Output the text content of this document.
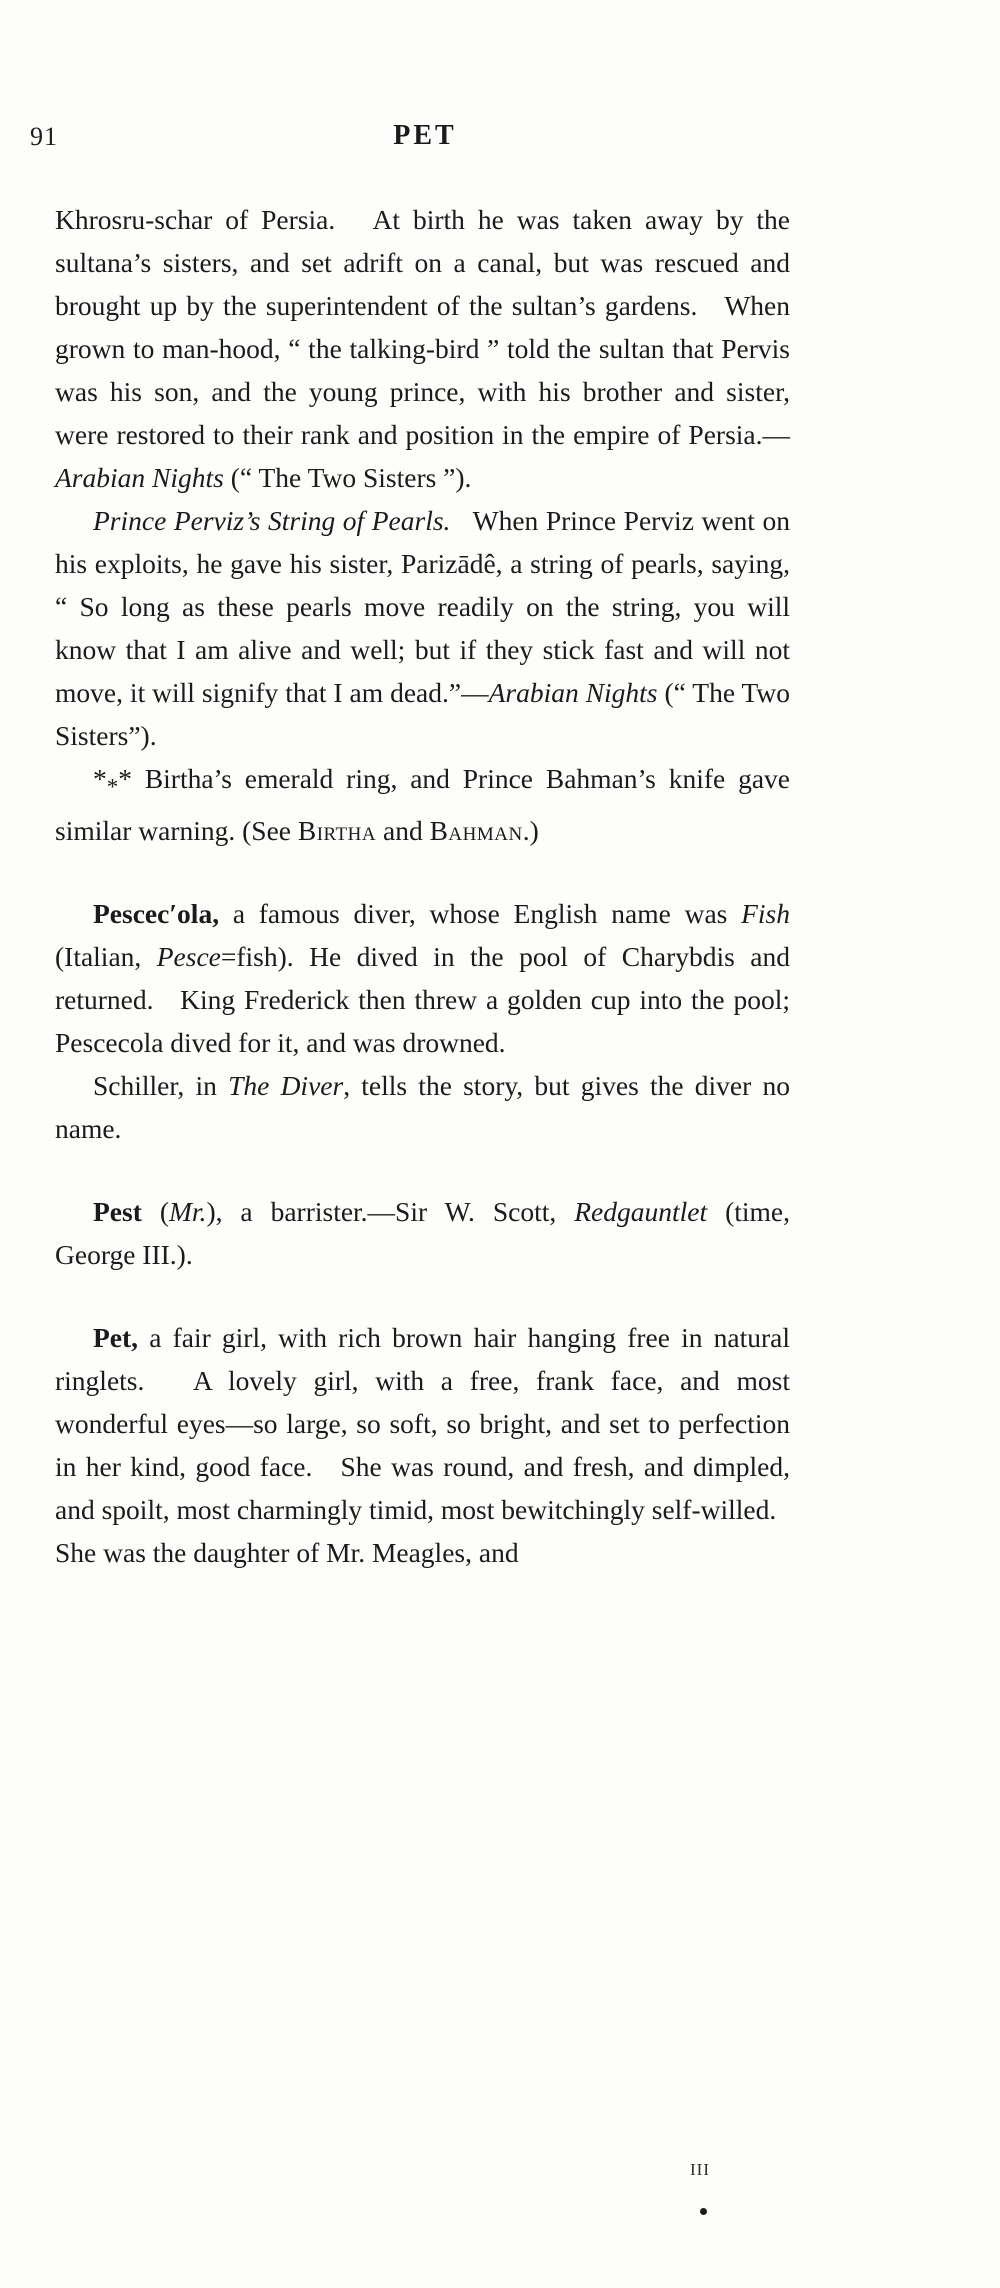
91	PET

Khrosru-schar of Persia.   At birth he was taken away by the sultana’s sisters, and set adrift on a canal, but was rescued and brought up by the superintendent of the sultan’s gardens.   When grown to man-hood, “ the talking-bird ” told the sultan that Pervis was his son, and the young prince, with his brother and sister, were restored to their rank and position in the empire of Persia.—Arabian Nights (“ The Two Sisters ”).

Prince Perviz’s String of Pearls.   When Prince Perviz went on his exploits, he gave his sister, Parizādê, a string of pearls, saying, “ So long as these pearls move readily on the string, you will know that I am alive and well; but if they stick fast and will not move, it will signify that I am dead.”—Arabian Nights (“ The Two Sisters”).

$*_**$ Birtha’s emerald ring, and Prince Bahman’s knife gave similar warning. (See Birtha and Bahman.)

Pescec′ola, a famous diver, whose English name was Fish (Italian, Pesce=fish). He dived in the pool of Charybdis and returned.   King Frederick then threw a golden cup into the pool; Pescecola dived for it, and was drowned.

Schiller, in The Diver, tells the story, but gives the diver no name.

Pest (Mr.), a barrister.—Sir W. Scott, Redgauntlet (time, George III.).

Pet, a fair girl, with rich brown hair hanging free in natural ringlets.   A lovely girl, with a free, frank face, and most wonderful eyes—so large, so soft, so bright, and set to perfection in her kind, good face.   She was round, and fresh, and dimpled, and spoilt, most charmingly timid, most bewitchingly self-willed.   She was the daughter of Mr. Meagles, and

III
